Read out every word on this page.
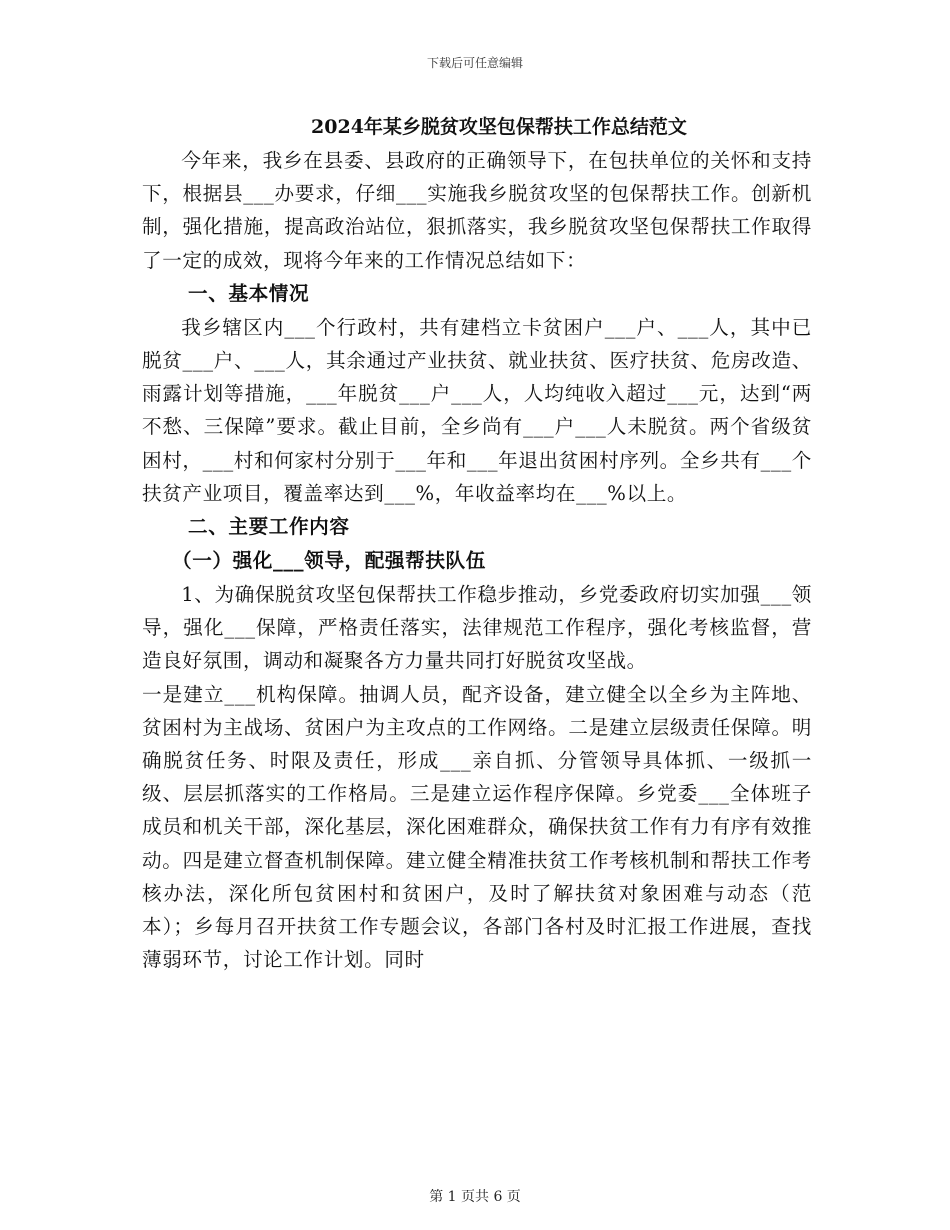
下载后可任意编辑
2024年某乡脱贫攻坚包保帮扶工作总结范文

今年来，我乡在县委、县政府的正确领导下，在包扶单位的关怀和支持下，根据县___办要求，仔细___实施我乡脱贫攻坚的包保帮扶工作。创新机制，强化措施，提高政治站位，狠抓落实，我乡脱贫攻坚包保帮扶工作取得了一定的成效，现将今年来的工作情况总结如下：

一、基本情况

我乡辖区内___个行政村，共有建档立卡贫困户___户、___人，其中已脱贫___户、___人，其余通过产业扶贫、就业扶贫、医疗扶贫、危房改造、雨露计划等措施，___年脱贫___户___人，人均纯收入超过___元，达到“两不愁、三保障”要求。截止目前，全乡尚有___户___人未脱贫。两个省级贫困村，___村和何家村分别于___年和___年退出贫困村序列。全乡共有___个扶贫产业项目，覆盖率达到___%，年收益率均在___%以上。

二、主要工作内容
（一）强化___领导，配强帮扶队伍

1、为确保脱贫攻坚包保帮扶工作稳步推动，乡党委政府切实加强___领导，强化___保障，严格责任落实，法律规范工作程序，强化考核监督，营造良好氛围，调动和凝聚各方力量共同打好脱贫攻坚战。

一是建立___机构保障。抽调人员，配齐设备，建立健全以全乡为主阵地、贫困村为主战场、贫困户为主攻点的工作网络。二是建立层级责任保障。明确脱贫任务、时限及责任，形成___亲自抓、分管领导具体抓、一级抓一级、层层抓落实的工作格局。三是建立运作程序保障。乡党委___全体班子成员和机关干部，深化基层，深化困难群众，确保扶贫工作有力有序有效推动。四是建立督查机制保障。建立健全精准扶贫工作考核机制和帮扶工作考核办法，深化所包贫困村和贫困户，及时了解扶贫对象困难与动态（范本）；乡每月召开扶贫工作专题会议，各部门各村及时汇报工作进展，查找薄弱环节，讨论工作计划。同时

第 1 页共 6 页
